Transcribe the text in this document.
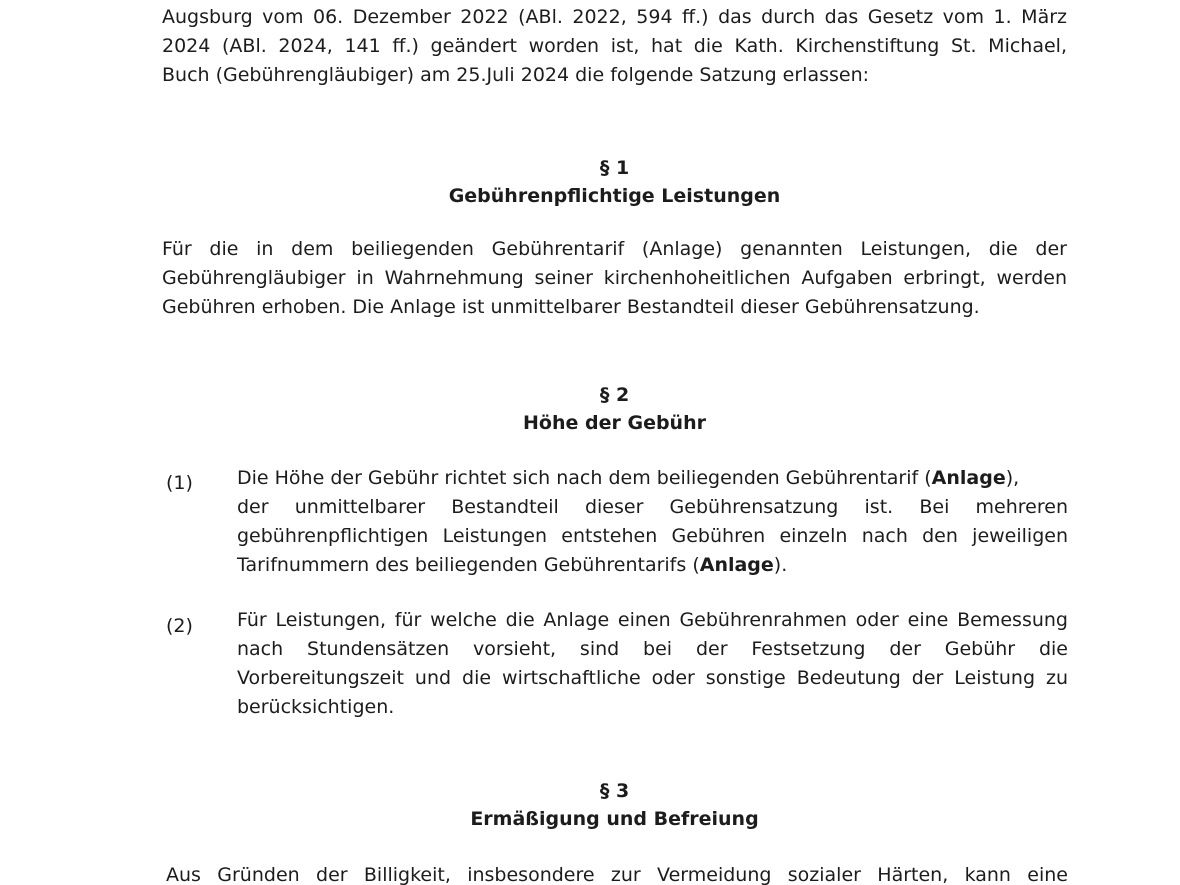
Augsburg vom 06. Dezember 2022 (ABl. 2022, 594 ff.) das durch das Gesetz vom 1. März
2024 (ABl. 2024, 141 ff.) geändert worden ist, hat die Kath. Kirchenstiftung St. Michael,
Buch (Gebührengläubiger) am 25.Juli 2024 die folgende Satzung erlassen:
§ 1
Gebührenpflichtige Leistungen
Für die in dem beiliegenden Gebührentarif (Anlage) genannten Leistungen, die der
Gebührengläubiger in Wahrnehmung seiner kirchenhoheitlichen Aufgaben erbringt, werden
Gebühren erhoben. Die Anlage ist unmittelbarer Bestandteil dieser Gebührensatzung.
§ 2
Höhe der Gebühr
(1) Die Höhe der Gebühr richtet sich nach dem beiliegenden Gebührentarif (Anlage),
der unmittelbarer Bestandteil dieser Gebührensatzung ist. Bei mehreren
gebührenpflichtigen Leistungen entstehen Gebühren einzeln nach den jeweiligen
Tarifnummern des beiliegenden Gebührentarifs (Anlage).
(2) Für Leistungen, für welche die Anlage einen Gebührenrahmen oder eine Bemessung
nach Stundensätzen vorsieht, sind bei der Festsetzung der Gebühr die
Vorbereitungszeit und die wirtschaftliche oder sonstige Bedeutung der Leistung zu
berücksichtigen.
§ 3
Ermäßigung und Befreiung
Aus Gründen der Billigkeit, insbesondere zur Vermeidung sozialer Härten, kann eine
